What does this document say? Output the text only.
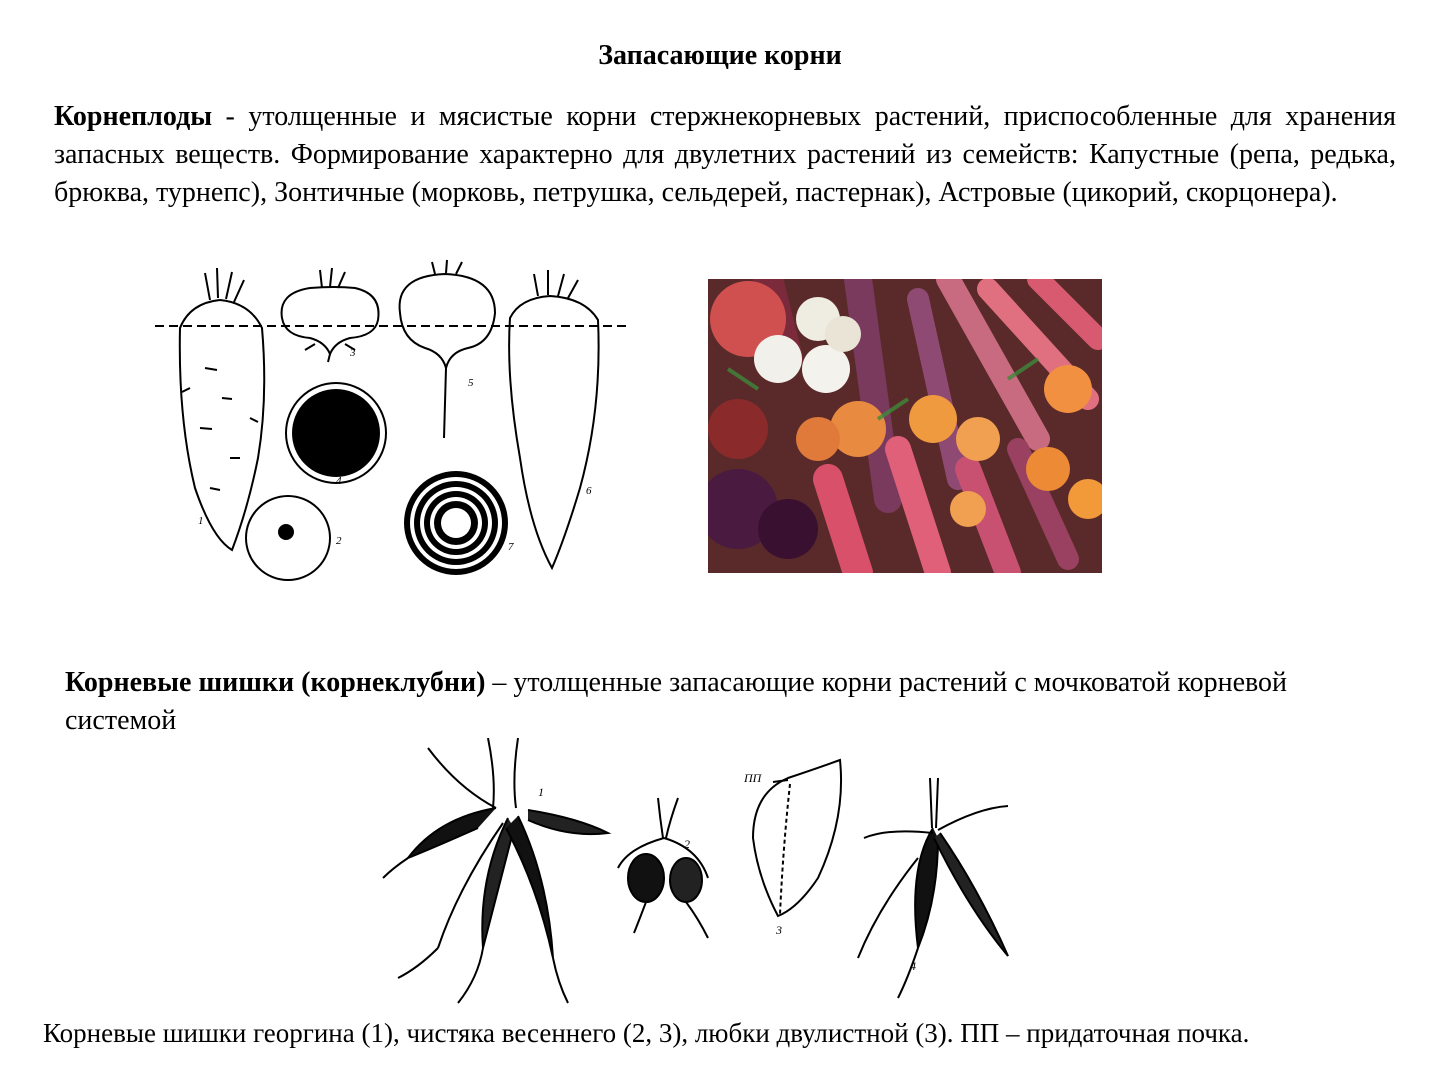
Запасающие корни
Корнеплоды - утолщенные и мясистые корни стержнекорневых растений, приспособленные для хранения запасных веществ. Формирование характерно для двулетних растений из семейств: Капустные (репа, редька, брюква, турнепс), Зонтичные (морковь, петрушка, сельдерей, пастернак), Астровые (цикорий, скорцонера).
1
2
3
4
5
6
7
Корневые шишки (корнеклубни) – утолщенные запасающие корни растений с мочковатой корневой системой
1
2
ПП
3
4
Корневые шишки георгина (1), чистяка весеннего (2, 3), любки двулистной (3). ПП – придаточная почка.
